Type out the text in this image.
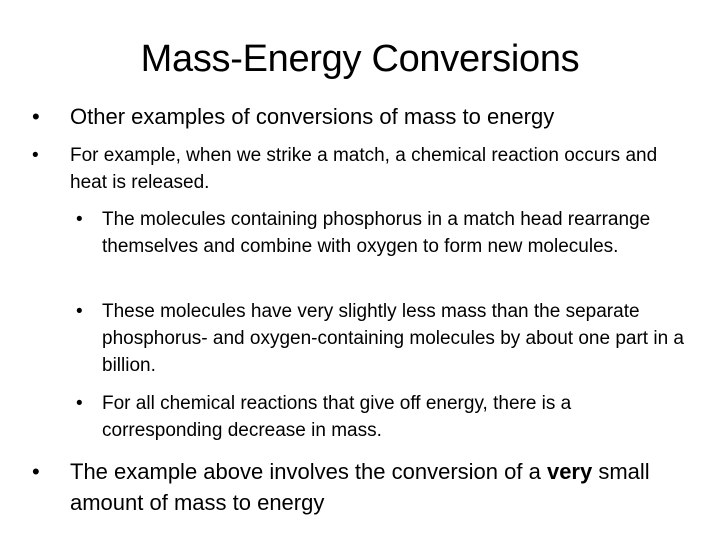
Mass-Energy Conversions
•	Other examples of conversions of mass to energy
•	For example, when we strike a match, a chemical reaction occurs and heat is released.
•	The molecules containing phosphorus in a match head rearrange themselves and combine with oxygen to form new molecules.
•	These molecules have very slightly less mass than the separate phosphorus- and oxygen-containing molecules by about one part in a billion.
•	For all chemical reactions that give off energy, there is a corresponding decrease in mass.
•	The example above involves the conversion of a very small amount of mass to energy
